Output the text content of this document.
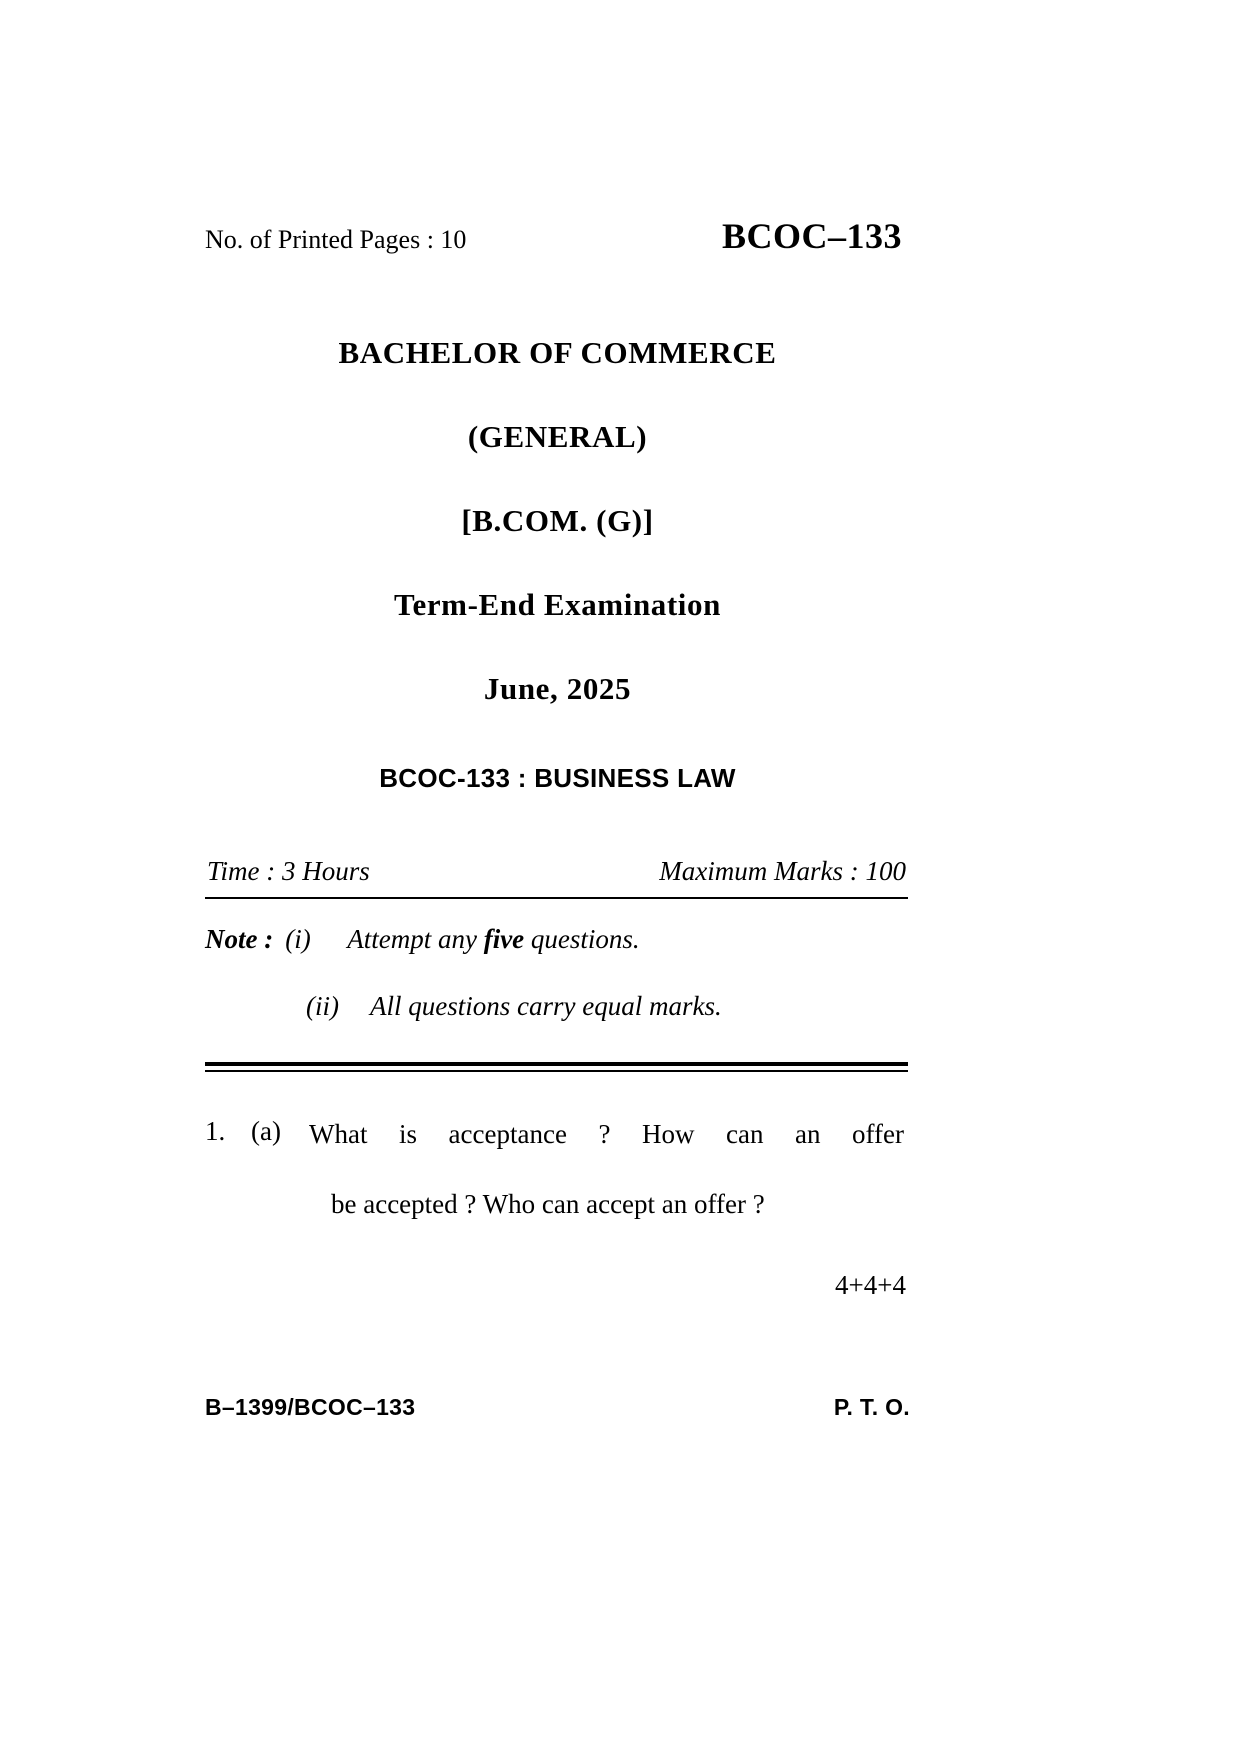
No. of Printed Pages : 10	BCOC–133
BACHELOR OF COMMERCE
(GENERAL)
[B.COM. (G)]
Term-End Examination
June, 2025
BCOC-133 : BUSINESS LAW
Time : 3 Hours	Maximum Marks : 100
Note : (i)	Attempt any five questions.
(ii)	All questions carry equal marks.
1. (a)	What is acceptance ? How can an offer
be accepted ? Who can accept an offer ?
4+4+4
B–1399/BCOC–133	P. T. O.
